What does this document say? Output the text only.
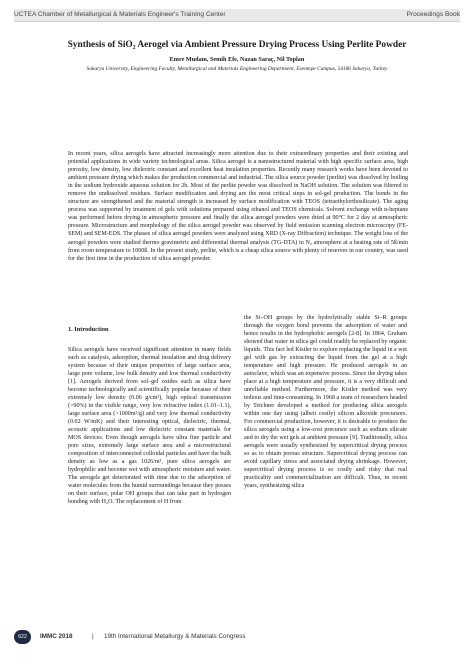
UCTEA Chamber of Metallurgical & Materials Engineer's Training Center	Proceedings Book
Synthesis of SiO₂ Aerogel via Ambient Pressure Drying Process Using Perlite Powder
Emre Mudam, Semih Efe, Nazan Saraç, Nil Toplan
Sakarya University, Engineering Faculty, Metallurgical and Materials Engineering Department, Esentepe Campus, 54186 Sakarya, Turkey
In recent years, silica aerogels have attracted increasingly more attention due to their extraordinary properties and their existing and potential applications in wide variety technological areas. Silica aerogel is a nanostructured material with high specific surface area, high porosity, low density, low dielectric constant and excellent heat insulation properties. Recently many research works have been devoted to ambient pressure drying which makes the production commercial and industrial. The silica source powder (perlite) was dissolved by boiling in the sodium hydroxide aqueous solution for 2h. Most of the perlite powder was dissolved in NaOH solution. The solution was filtered to remove the undissolved residues. Surface modification and drying are the most critical steps in sol-gel production. The bonds in the structure are strengthened and the material strength is increased by surface modification with TEOS (tetraethylorthosilicate). The aging process was supported by treatment of gels with solutions prepared using ethanol and TEOS chemicals. Solvent exchange with n-heptane was performed before drying in atmospheric pressure and finally the silica aerogel powders were dried at 90°C for 2 day at atmospheric pressure. Microstructure and morphology of the silica aerogel powder was observed by field emission scanning electron microscopy (FE-SEM) and SEM-EDS. The phases of silica aerogel powders were analyzed using XRD (X-ray Diffraction) technique. The weight loss of the aerogel powders were studied thermo gravimetric and differential thermal analysis (TG-DTA) in N₂ atmosphere at a heating rate of 5ß/min from room temperature to 1000ß. In the present study, perlite, which is a cheap silica source with plenty of reserves in our country, was used for the first time in the production of silica aerogel powder.
1. Introduction
Silica aerogels have received significant attention in many fields such as catalysis, adsorption, thermal insulation and drug delivery system because of their unique properties of large surface area, large pore volume, low bulk density and low thermal conductivity [1]. Aerogels derived from sol–gel oxides such as silica have become technologically and scientifically popular because of their extremely low density (0.06 g/cm³), high optical transmission (>90%) in the visible range, very low refractive index (1.01–1.1), large surface area (>1000m²/g) and very low thermal conductivity (0.02 W/mK) and their interesting optical, dielectric, thermal, acoustic applications and low dielectric constant materials for MOS devices. Even though aerogels have ultra fine particle and pore sizes, extremely large surface area and a microstructural composition of interconnected colloidal particles and have the bulk density as low as a gas 1026/m³, pure silica aerogels are hydrophilic and become wet with atmospheric moisture and water. The aerogels get deteriorated with time due to the adsorption of water molecules from the humid surroundings because they posses on their surface, polar OH groups that can take part in hydrogen bonding with H₂O. The replacement of H from
the Si–OH groups by the hydrolytically stable Si–R groups through the oxygen bond prevents the adsorption of water and hence results in the hydrophobic aerogels [2-8]. In 1864, Graham showed that water in silica gel could readily be replaced by organic liquids. This fact led Kistler to explore replacing the liquid in a wet gel with gas by extracting the liquid from the gel at a high temperature and high pressure. He produced aerogels in an autoclave, which was an expensive process. Since the drying takes place at a high temperature and pressure, it is a very difficult and unreliable method. Furthermore, the Kistler method was very tedious and time-consuming. In 1968 a team of researchers headed by Teichner developed a method for producing silica aerogels within one day using (albeit costly) silicon alkoxide precursors. For commercial production, however, it is desirable to produce the silica aerogels using a low-cost precursor such as sodium silicate and to dry the wet gels at ambient pressure [9]. Traditionally, silica aerogels were usually synthesized by supercritical drying process so as to obtain porous structure. Supercritical drying process can avoid capillary stress and associated drying shrinkage. However, supercritical drying process is so costly and risky that real practicality and commercialization are difficult. Thus, in recent years, synthesizing silica
622	IMMC 2018	| 19th International Metallurgy & Materials Congress
